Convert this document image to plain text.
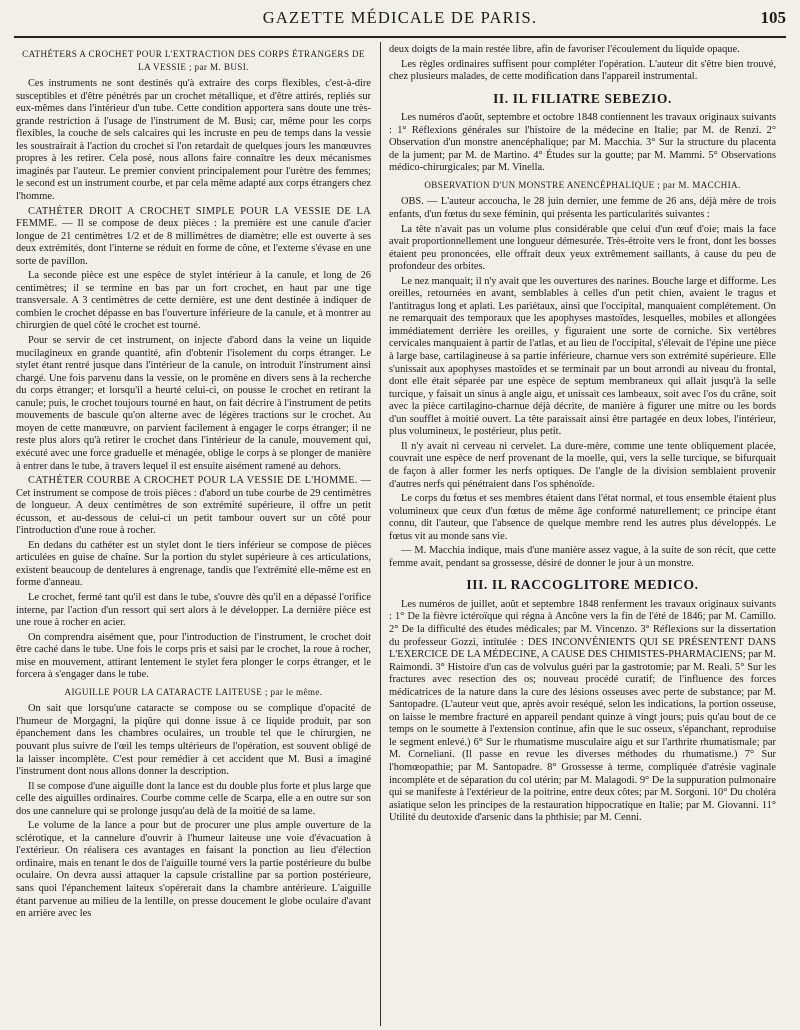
GAZETTE MÉDICALE DE PARIS.	105

CATHÉTERS A CROCHET POUR L'EXTRACTION DES CORPS ÉTRANGERS DE LA VESSIE ; par M. BUSI.

Ces instruments ne sont destinés qu'à extraire des corps flexibles, c'est-à-dire susceptibles et d'être pénétrés par un crochet métallique, et d'être attirés, repliés sur eux-mêmes dans l'intérieur d'un tube. Cette condition apportera sans doute une très-grande restriction à l'usage de l'instrument de M. Busi; car, même pour les corps flexibles, la couche de sels calcaires qui les incruste en peu de temps dans la vessie les soustrairait à l'action du crochet si l'on retardait de quelques jours les manœuvres propres à les retirer. Cela posé, nous allons faire connaître les deux mécanismes imaginés par l'auteur. Le premier convient principalement pour l'urètre des femmes; le second est un instrument courbe, et par cela même adapté aux corps étrangers chez l'homme.

CATHÉTER DROIT A CROCHET SIMPLE POUR LA VESSIE DE LA FEMME. — Il se compose de deux pièces : la première est une canule d'acier longue de 21 centimètres 1/2 et de 8 millimètres de diamètre; elle est ouverte à ses deux extrémités, dont l'interne se réduit en forme de cône, et l'externe s'évase en une sorte de pavillon.

La seconde pièce est une espèce de stylet intérieur à la canule, et long de 26 centimètres; il se termine en bas par un fort crochet, en haut par une tige transversale. A 3 centimètres de cette dernière, est une dent destinée à indiquer de combien le crochet dépasse en bas l'ouverture inférieure de la canule, et à montrer au chirurgien de quel côté le crochet est tourné.

Pour se servir de cet instrument, on injecte d'abord dans la veine un liquide mucilagineux en grande quantité, afin d'obtenir l'isolement du corps étranger. Le stylet étant rentré jusque dans l'intérieur de la canule, on introduit l'instrument ainsi chargé. Une fois parvenu dans la vessie, on le promène en divers sens à la recherche du corps étranger; et lorsqu'il a heurté celui-ci, on pousse le crochet en retirant la canule; puis, le crochet toujours tourné en haut, on fait décrire à l'instrument de petits mouvements de bascule qu'on alterne avec de légères tractions sur le crochet. Au moyen de cette manœuvre, on parvient facilement à engager le corps étranger; il ne reste plus alors qu'à retirer le crochet dans l'intérieur de la canule, mouvement qui, exécuté avec une force graduelle et ménagée, oblige le corps à se plonger de manière à entrer dans le tube, à travers lequel il est ensuite aisément ramené au dehors.

CATHÉTER COURBE A CROCHET POUR LA VESSIE DE L'HOMME. — Cet instrument se compose de trois pièces : d'abord un tube courbe de 29 centimètres de longueur. A deux centimètres de son extrémité supérieure, il offre un petit écusson, et au-dessous de celui-ci un petit tambour ouvert sur un côté pour l'introduction d'une roue à rocher.

En dedans du cathéter est un stylet dont le tiers inférieur se compose de pièces articulées en guise de chaîne. Sur la portion du stylet supérieure à ces articulations, existent beaucoup de dentelures à engrenage, tandis que l'extrémité elle-même est en forme d'anneau.

Le crochet, fermé tant qu'il est dans le tube, s'ouvre dès qu'il en a dépassé l'orifice interne, par l'action d'un ressort qui sert alors à le développer. La dernière pièce est une roue à rocher en acier.

On comprendra aisément que, pour l'introduction de l'instrument, le crochet doit être caché dans le tube. Une fois le corps pris et saisi par le crochet, la roue à rocher, mise en mouvement, attirant lentement le stylet fera plonger le corps étranger, et le forcera à s'engager dans le tube.

AIGUILLE POUR LA CATARACTE LAITEUSE ; par le même.

On sait que lorsqu'une cataracte se compose ou se complique d'opacité de l'humeur de Morgagni, la piqûre qui donne issue à ce liquide produit, par son épanchement dans les chambres oculaires, un trouble tel que le chirurgien, ne pouvant plus suivre de l'œil les temps ultérieurs de l'opération, est souvent obligé de la laisser incomplète. C'est pour remédier à cet accident que M. Busi a imaginé l'instrument dont nous allons donner la description.

Il se compose d'une aiguille dont la lance est du double plus forte et plus large que celle des aiguilles ordinaires. Courbe comme celle de Scarpa, elle a en outre sur son dos une cannelure qui se prolonge jusqu'au delà de la moitié de sa lame.

Le volume de la lance a pour but de procurer une plus ample ouverture de la sclérotique, et la cannelure d'ouvrir à l'humeur laiteuse une voie d'évacuation à l'extérieur. On réalisera ces avantages en faisant la ponction au lieu d'élection ordinaire, mais en tenant le dos de l'aiguille tourné vers la partie postérieure du bulbe oculaire. On devra aussi attaquer la capsule cristalline par sa portion postérieure, sans quoi l'épanchement laiteux s'opérerait dans la chambre antérieure. L'aiguille étant parvenue au milieu de la lentille, on presse doucement le globe oculaire d'avant en arrière avec les

deux doigts de la main restée libre, afin de favoriser l'écoulement du liquide opaque.

Les règles ordinaires suffisent pour compléter l'opération. L'auteur dit s'être bien trouvé, chez plusieurs malades, de cette modification dans l'appareil instrumental.

II. IL FILIATRE SEBEZIO.

Les numéros d'août, septembre et octobre 1848 contiennent les travaux originaux suivants : 1° Réflexions générales sur l'histoire de la médecine en Italie; par M. de Renzi. 2° Observation d'un monstre anencéphalique; par M. Macchia. 3° Sur la structure du placenta de la jument; par M. de Martino. 4° Études sur la goutte; par M. Mammi. 5° Observations médico-chirurgicales; par M. Vinella.

OBSERVATION D'UN MONSTRE ANENCÉPHALIQUE ; par M. MACCHIA.

OBS. — L'auteur accoucha, le 28 juin dernier, une femme de 26 ans, déjà mère de trois enfants, d'un fœtus du sexe féminin, qui présenta les particularités suivantes :

La tête n'avait pas un volume plus considérable que celui d'un œuf d'oie; mais la face avait proportionnellement une longueur démesurée. Très-étroite vers le front, dont les bosses étaient peu prononcées, elle offrait deux yeux extrêmement saillants, à cause du peu de profondeur des orbites.

Le nez manquait; il n'y avait que les ouvertures des narines. Bouche large et difforme. Les oreilles, retournées en avant, semblables à celles d'un petit chien, avaient le tragus et l'antitragus long et aplati. Les pariétaux, ainsi que l'occipital, manquaient complétement. On ne remarquait des temporaux que les apophyses mastoïdes, lesquelles, mobiles et allongées immédiatement derrière les oreilles, y figuraient une sorte de corniche. Six vertèbres cervicales manquaient à partir de l'atlas, et au lieu de l'occipital, s'élevait de l'épine une pièce à large base, cartilagineuse à sa partie inférieure, charnue vers son extrémité supérieure. Elle s'unissait aux apophyses mastoïdes et se terminait par un bout arrondi au niveau du frontal, dont elle était séparée par une espèce de septum membraneux qui allait jusqu'à la selle turcique, y faisait un sinus à angle aigu, et unissait ces lambeaux, soit avec l'os du crâne, soit avec la pièce cartilagino-charnue déjà décrite, de manière à figurer une mitre ou les bords d'un soufflet à moitié ouvert. La tête paraissait ainsi être partagée en deux lobes, l'intérieur, plus volumineux, le postérieur, plus petit.

Il n'y avait ni cerveau ni cervelet. La dure-mère, comme une tente obliquement placée, couvrait une espèce de nerf provenant de la moelle, qui, vers la selle turcique, se bifurquait de façon à aller former les nerfs optiques. De l'angle de la division semblaient provenir d'autres nerfs qui pénétraient dans l'os sphénoïde.

Le corps du fœtus et ses membres étaient dans l'état normal, et tous ensemble étaient plus volumineux que ceux d'un fœtus de même âge conformé naturellement; ce principe étant connu, dit l'auteur, que l'absence de quelque membre rend les autres plus développés. Le fœtus vit au monde sans vie.

— M. Macchia indique, mais d'une manière assez vague, à la suite de son récit, que cette femme avait, pendant sa grossesse, désiré de donner le jour à un monstre.

III. IL RACCOGLITORE MEDICO.

Les numéros de juillet, août et septembre 1848 renferment les travaux originaux suivants : 1° De la fièvre ictéroïque qui régna à Ancône vers la fin de l'été de 1846; par M. Camillo. 2° De la difficulté des études médicales; par M. Vincenzo. 3° Réflexions sur la dissertation du professeur Gozzi, intitulée : DES INCONVÉNIENTS QUI SE PRÉSENTENT DANS L'EXERCICE DE LA MÉDECINE, A CAUSE DES CHIMISTES-PHARMACIENS; par M. Raimondi. 3° Histoire d'un cas de volvulus guéri par la gastrotomie; par M. Reali. 5° Sur les fractures avec resection des os; nouveau procédé curatif; de l'influence des forces médicatrices de la nature dans la cure des lésions osseuses avec perte de substance; par M. Santopadre. (L'auteur veut que, après avoir reséqué, selon les indications, la portion osseuse, on laisse le membre fracturé en appareil pendant quinze à vingt jours; puis qu'au bout de ce temps on le soumette à l'extension continue, afin que le suc osseux, s'épanchant, reproduise le segment enlevé.) 6° Sur le rhumatisme musculaire aigu et sur l'arthrite rhumatismale; par M. Corneliani. (Il passe en revue les diverses méthodes du rhumatisme.) 7° Sur l'homœopathie; par M. Santopadre. 8° Grossesse à terme, compliquée d'atrésie vaginale incomplète et de séparation du col utérin; par M. Malagodi. 9° De la suppuration pulmonaire qui se manifeste à l'extérieur de la poitrine, entre deux côtes; par M. Sorgoni. 10° Du choléra asiatique selon les principes de la restauration hippocratique en Italie; par M. Giovanni. 11° Utilité du deutoxide d'arsenic dans la phthisie; par M. Cenni.
